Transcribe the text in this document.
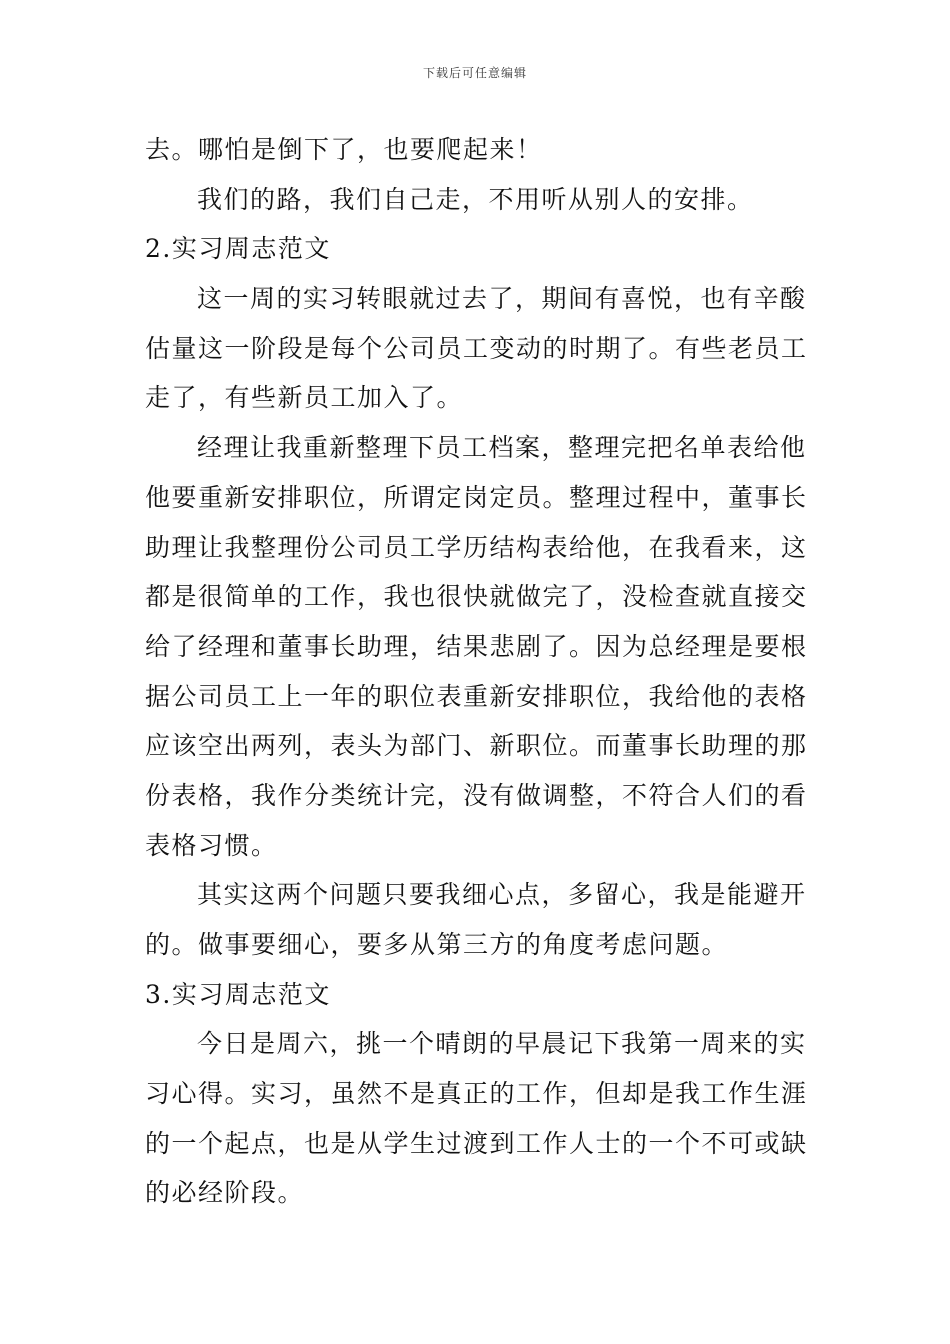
下载后可任意编辑
去。哪怕是倒下了，也要爬起来！
我们的路，我们自己走，不用听从别人的安排。
2.实习周志范文
这一周的实习转眼就过去了，期间有喜悦，也有辛酸
估量这一阶段是每个公司员工变动的时期了。有些老员工
走了，有些新员工加入了。
经理让我重新整理下员工档案，整理完把名单表给他
他要重新安排职位，所谓定岗定员。整理过程中，董事长
助理让我整理份公司员工学历结构表给他，在我看来，这
都是很简单的工作，我也很快就做完了，没检查就直接交
给了经理和董事长助理，结果悲剧了。因为总经理是要根
据公司员工上一年的职位表重新安排职位，我给他的表格
应该空出两列，表头为部门、新职位。而董事长助理的那
份表格，我作分类统计完，没有做调整，不符合人们的看
表格习惯。
其实这两个问题只要我细心点，多留心，我是能避开
的。做事要细心，要多从第三方的角度考虑问题。
3.实习周志范文
今日是周六，挑一个晴朗的早晨记下我第一周来的实
习心得。实习，虽然不是真正的工作，但却是我工作生涯
的一个起点，也是从学生过渡到工作人士的一个不可或缺
的必经阶段。
